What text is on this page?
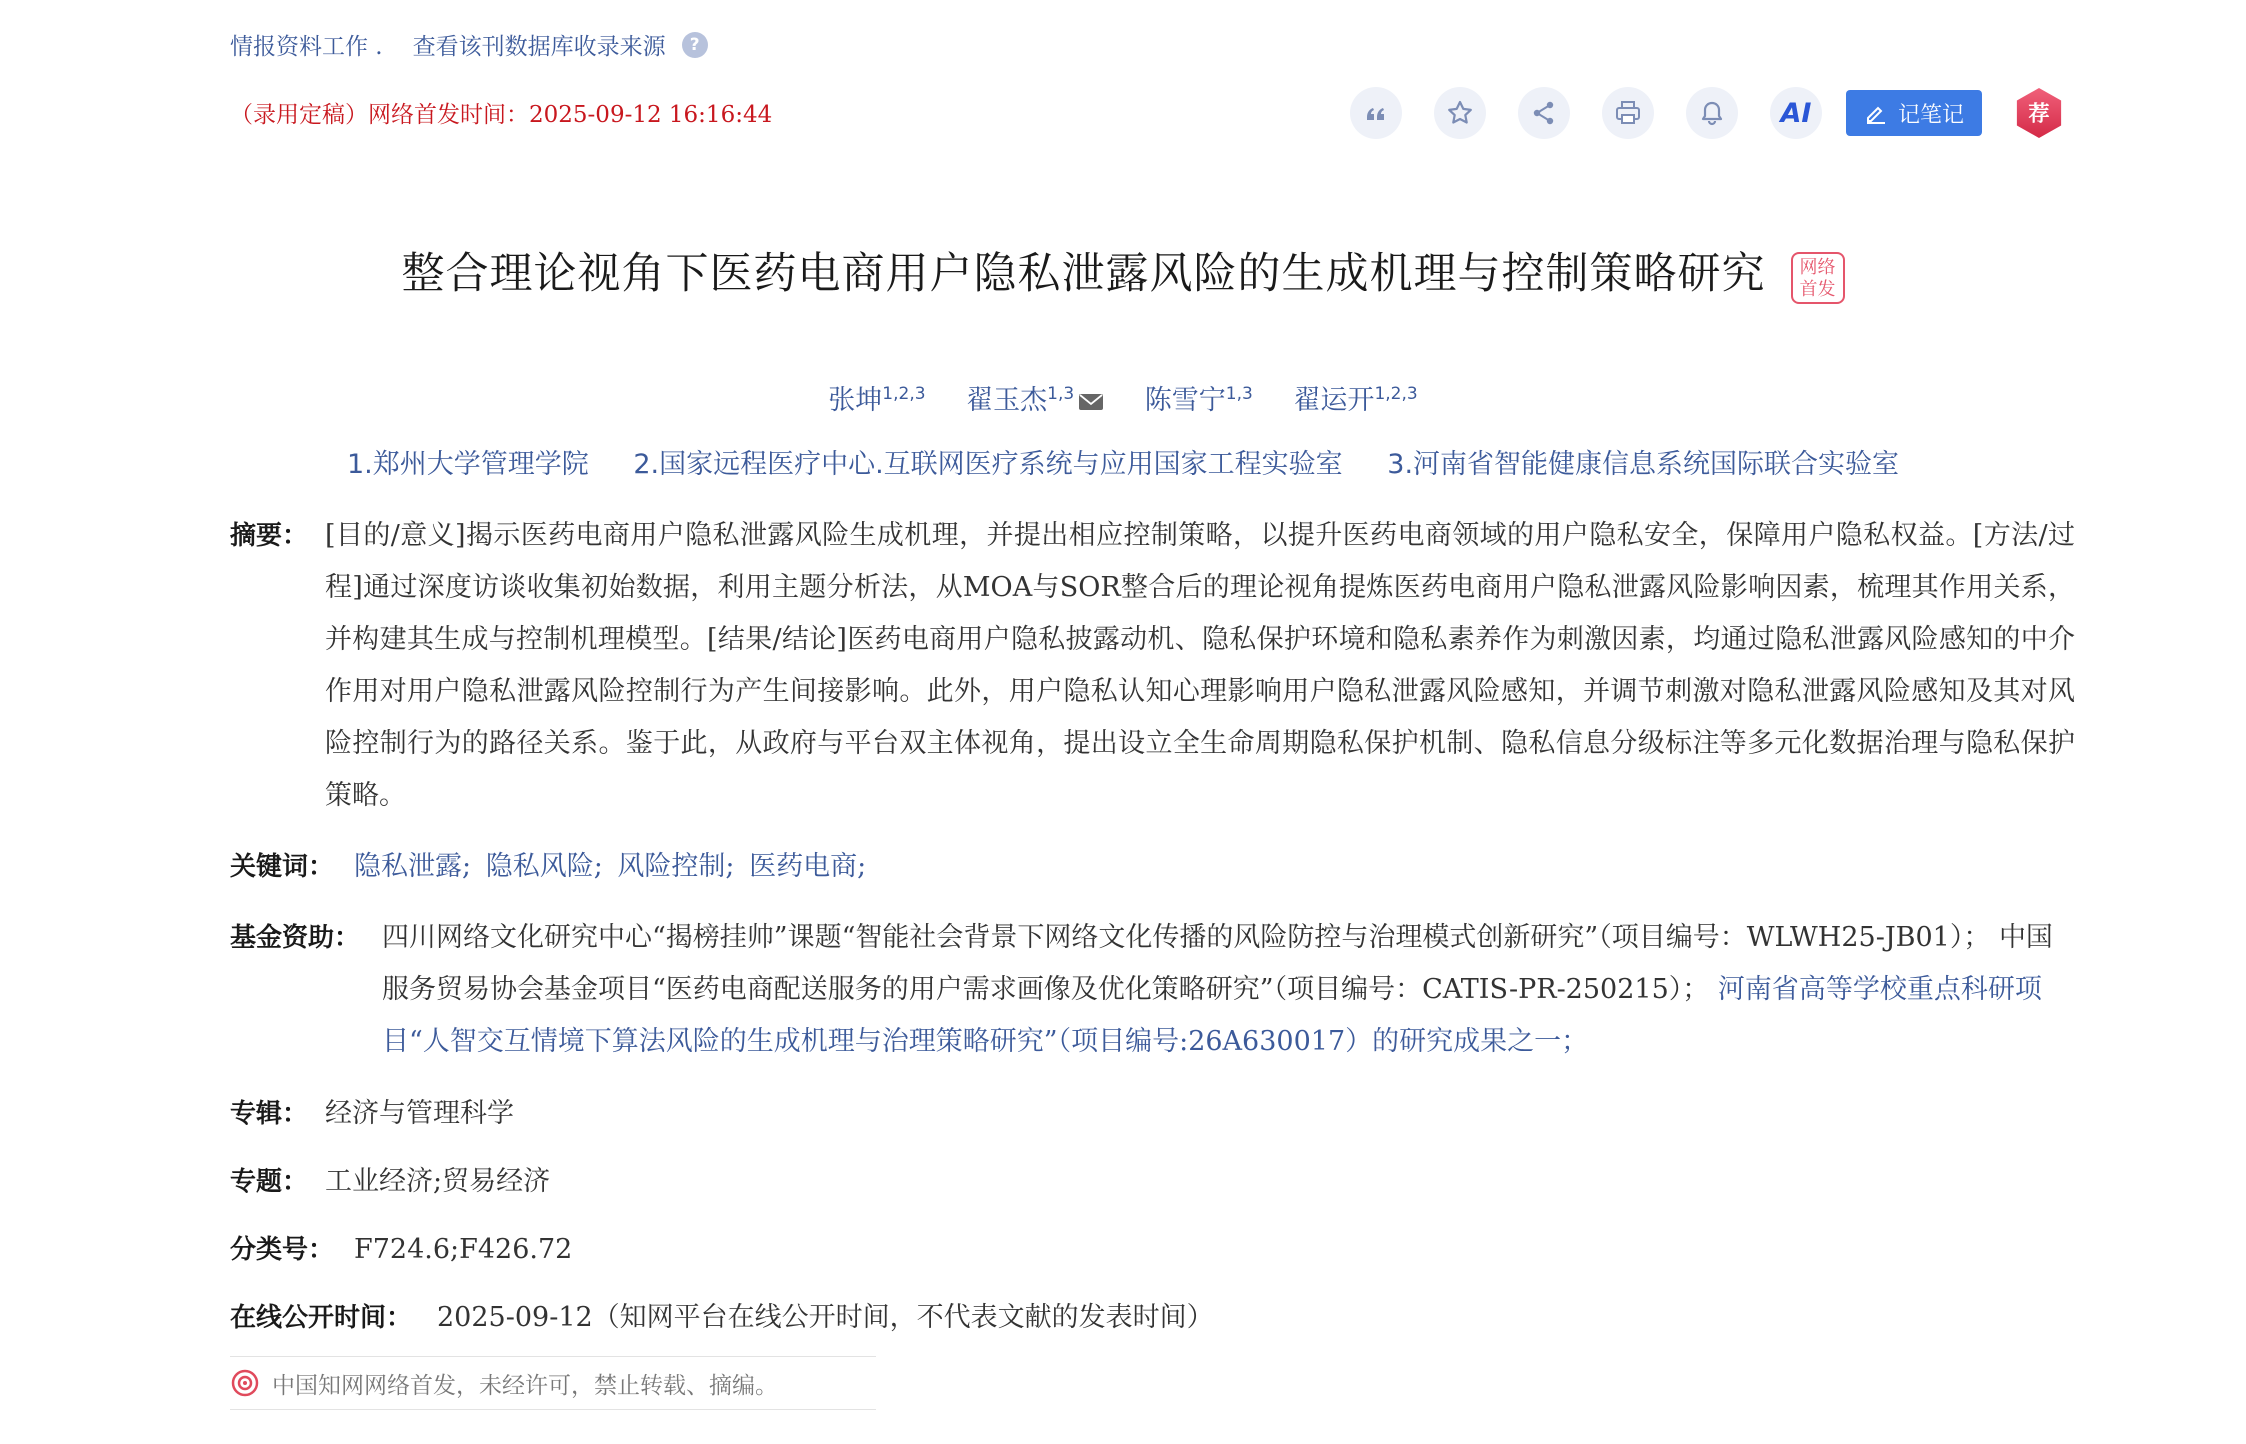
情报资料工作 . 查看该刊数据库收录来源	?
（录用定稿）网络首发时间：2025-09-12 16:16:44	AI	记笔记	荐
整合理论视角下医药电商用户隐私泄露风险的生成机理与控制策略研究 网络
首发
张坤$^{1,2,3}$ 翟玉杰$^{1,3}$	陈雪宁$^{1,3}$ 翟运开$^{1,2,3}$
1.郑州大学管理学院 2.国家远程医疗中心.互联网医疗系统与应用国家工程实验室 3.河南省智能健康信息系统国际联合实验室
摘要： [目的/意义]揭示医药电商用户隐私泄露风险生成机理，并提出相应控制策略，以提升医药电商领域的用户隐私安全，保障用户隐私权益。[方法/过程]通过深度访谈收集初始数据，利用主题分析法，从MOA与SOR整合后的理论视角提炼医药电商用户隐私泄露风险影响因素，梳理其作用关系，并构建其生成与控制机理模型。[结果/结论]医药电商用户隐私披露动机、隐私保护环境和隐私素养作为刺激因素，均通过隐私泄露风险感知的中介作用对用户隐私泄露风险控制行为产生间接影响。此外，用户隐私认知心理影响用户隐私泄露风险感知，并调节刺激对隐私泄露风险感知及其对风险控制行为的路径关系。鉴于此，从政府与平台双主体视角，提出设立全生命周期隐私保护机制、隐私信息分级标注等多元化数据治理与隐私保护策略。
关键词： 隐私泄露; 隐私风险; 风险控制; 医药电商;
基金资助： 四川网络文化研究中心“揭榜挂帅”课题“智能社会背景下网络文化传播的风险防控与治理模式创新研究”（项目编号：WLWH25-JB01）； 中国服务贸易协会基金项目“医药电商配送服务的用户需求画像及优化策略研究”（项目编号：CATIS-PR-250215）； 河南省高等学校重点科研项目“人智交互情境下算法风险的生成机理与治理策略研究”（项目编号:26A630017）的研究成果之一；
专辑： 经济与管理科学
专题： 工业经济;贸易经济
分类号： F724.6;F426.72
在线公开时间： 2025-09-12（知网平台在线公开时间，不代表文献的发表时间）
中国知网网络首发，未经许可，禁止转载、摘编。
